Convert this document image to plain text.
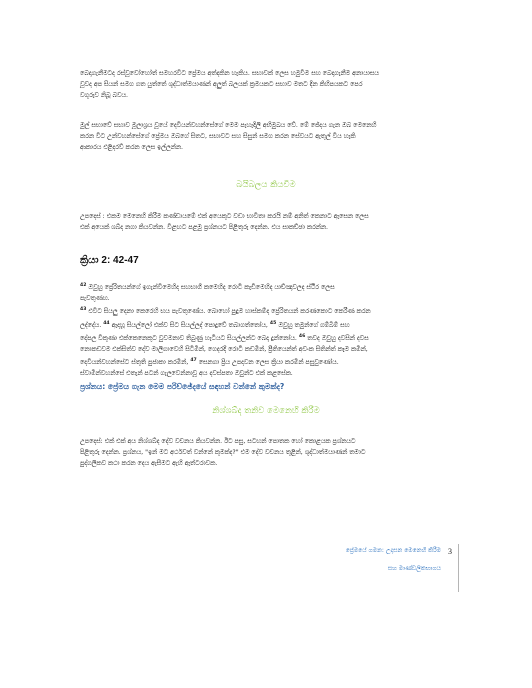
බෙදාගැනීමටද රස්වූවෝහෝත් සමහරවිට ප්‍රේමය අත්දකින හැකිය. සභාවක් ලෙස හමුවීම සහ බෙදාගැනීම අනායාසය
වූවද අප සියන් සමග ගත යුත්තේ ශුද්ධාත්මයාණන් අලුත් බලයක් ක්‍රමයකට සභාව මතට දින කිහිපයකට පෙර
වගුරුව නිබූ බවය.

මුල් සභාවේ සභාව මූලාශ්‍රය වූයේ දෙවියන්වහන්සේගේ මෙම පැහැදිලි අභිමුඛය වේ. මේ ජේදය ගැන ඔබ මෙනෙහි
කරන විට උන්වහන්සේගේ ප්‍රේමය ඔබගේ සිතට, සභාවට සහ සිසුන් සමග කරන සේවයට ඇතුල් විය හැකි
ආකාරය එළිදරව් කරන ලෙස ඉල්ලන්න.

බයිබලය කියවීම

උපදෙස් : එකම මෙනෙහි කිරීම කණ්ඩායමේ එක් අයෙකුට වඩා භාවිතා කරයි නම් අනිත් කෙනාට ඇසෙන ලෙස
එක් අයෙක් ශබ්ද නගා කියවන්න. විළඟට පළමු ප්‍රශ්නයට පිළිතුරු දෙන්න. එය සාකච්ඡා කරන්න.

ක්‍රියා 2: 42-47

$^{42}$ ඔවුහු ප්‍රේරිතයන්ගේ ඉගැන්වීමෙහිද සහභාගී කමෙහිද රොටි කැඩීමෙහිද යාච්ඤාවලද ස්ථිර ලෙස
පැවතුණහ.
$^{43}$ එවිට සියලු දෙනා කෙරෙහි භය පැවතුණේය. බොහෝ පුදුම හාස්කම්ද ප්‍රේරිතයන් කරණකොට කෙරීණ කරන
ලද්දේය. $^{44}$ ඇදහූ සියල්ලෝ එක්ව සිට සියල්ලද් පොදුවේ තබාගත්තෝය, $^{45}$ ඔවුහු තමුන්ගේ ගම්බිම් සහ
දේපල විකුණා එක්කෙනෙකුට වුවමනාව තිබුණු හැටියට සියල්ලන්ට බෙදා දුන්නෝය. $^{46}$ තවද ඔවුහු දවසින් දවස
නොකඩවම එක්සිත්ව දේව මාලිගාවෙහි සිටිමින්, ගෙදරදී රොටි කඩමින්, ප්‍රීතියෙන්ත් අවංක සිතින්ත් කෑම කමින්,
දෙවියන්වහන්සේට ස්තුති පුජාකා කරමින්, $^{47}$ සෙනගා ප්‍රිය උපදවන ලෙස ක්‍රියා කරමින් පසුවුණෝය.
ස්වාමීන්වහන්සේ එතැන් පටන් ගැලවෙන්නාවූ අය දවස්පතා ඔවුන්ට එක් කළසේක.

ප්‍රශ්නය: ප්‍රේමය ගැන මෙම පරිච්ඡේදයේ සඳහන් වන්නේ කුමක්ද?

නිශ්ශබ්ද තනිව මෙනෙහි කිරීම

උපදෙස්: එක් එක් අය නිශ්ශබ්ද දේව වචනය කියවන්න. ඊට පසු, සටහන් පොතක හෝ කොළයක ප්‍රශ්නයට
පිළිතුරු දෙන්න. ප්‍රශ්නය, "ඉන් මට අර්ථවත් වන්නේ කුමක්ද?" එම දේව වචනය තුළින්, ශුද්ධාත්මයාණන් තමාට
පුද්ගලිකව කථා කරන දෙය ඇසීමට ඇහි ඇත්ටරාවක.

ප්‍රේමයේ ගමන: උදාසන මෙනෙහි කිරීම

සහ මාණ්ඩලිකභාගය

3
